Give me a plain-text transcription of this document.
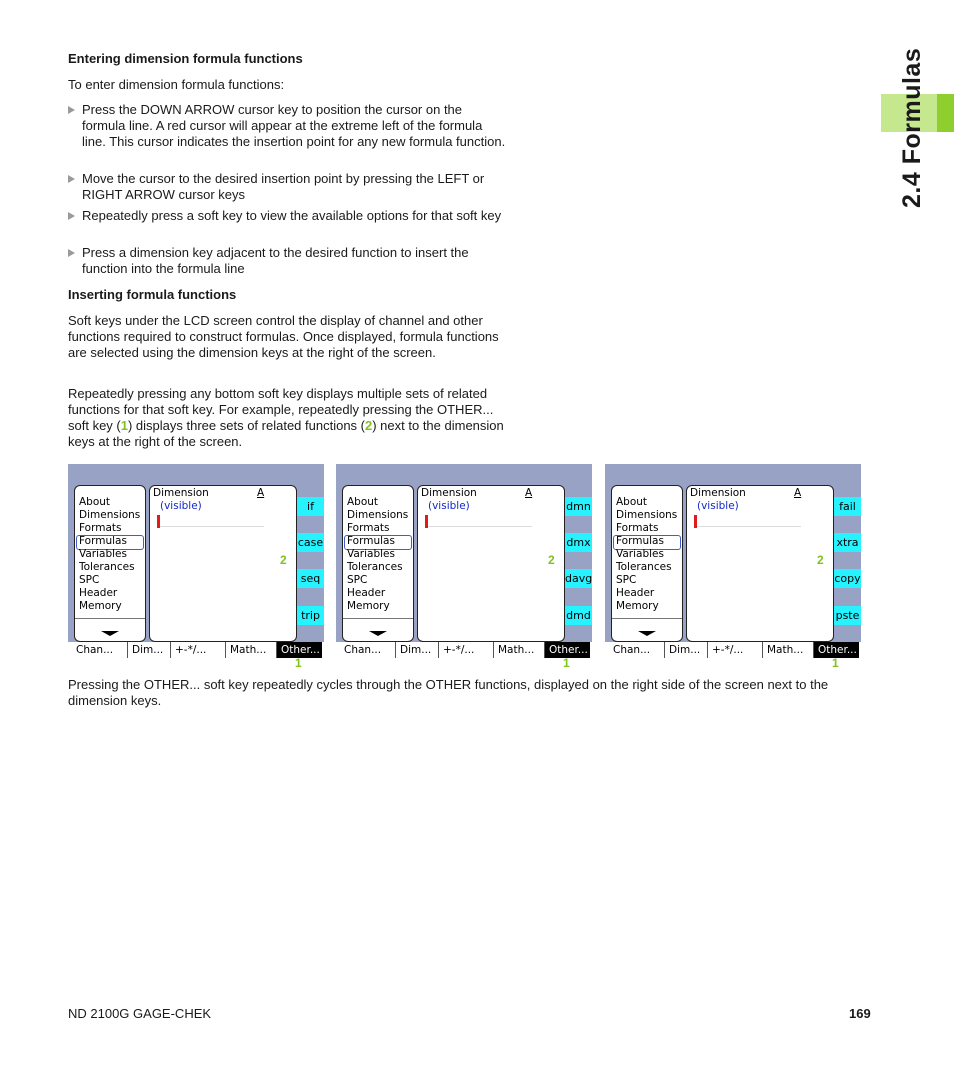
2.4 Formulas
Entering dimension formula functions
To enter dimension formula functions:
Press the DOWN ARROW cursor key to position the cursor on the formula line. A red cursor will appear at the extreme left of the formula line. This cursor indicates the insertion point for any new formula function.
Move the cursor to the desired insertion point by pressing the LEFT or RIGHT ARROW cursor keys
Repeatedly press a soft key to view the available options for that soft key
Press a dimension key adjacent to the desired function to insert the function into the formula line
Inserting formula functions
Soft keys under the LCD screen control the display of channel and other functions required to construct formulas. Once displayed, formula functions are selected using the dimension keys at the right of the screen.
Repeatedly pressing any bottom soft key displays multiple sets of related functions for that soft key. For example, repeatedly pressing the OTHER... soft key (1) displays three sets of related functions (2) next to the dimension keys at the right of the screen.
About
Dimensions
Formats
Formulas
Variables
Tolerances
SPC
Header
Memory
Dimension	A
(visible)
2
if
case
seq
trip
Chan...	Dim...	+-*/...	Math...	Other...
1
About
Dimensions
Formats
Formulas
Variables
Tolerances
SPC
Header
Memory
Dimension	A
(visible)
2
dmn
dmx
davg
dmd
Chan...	Dim...	+-*/...	Math...	Other...
1
About
Dimensions
Formats
Formulas
Variables
Tolerances
SPC
Header
Memory
Dimension	A
(visible)
2
fail
xtra
copy
pste
Chan...	Dim...	+-*/...	Math...	Other...
1
Pressing the OTHER... soft key repeatedly cycles through the OTHER functions, displayed on the right side of the screen next to the dimension keys.
ND 2100G GAGE-CHEK	169
